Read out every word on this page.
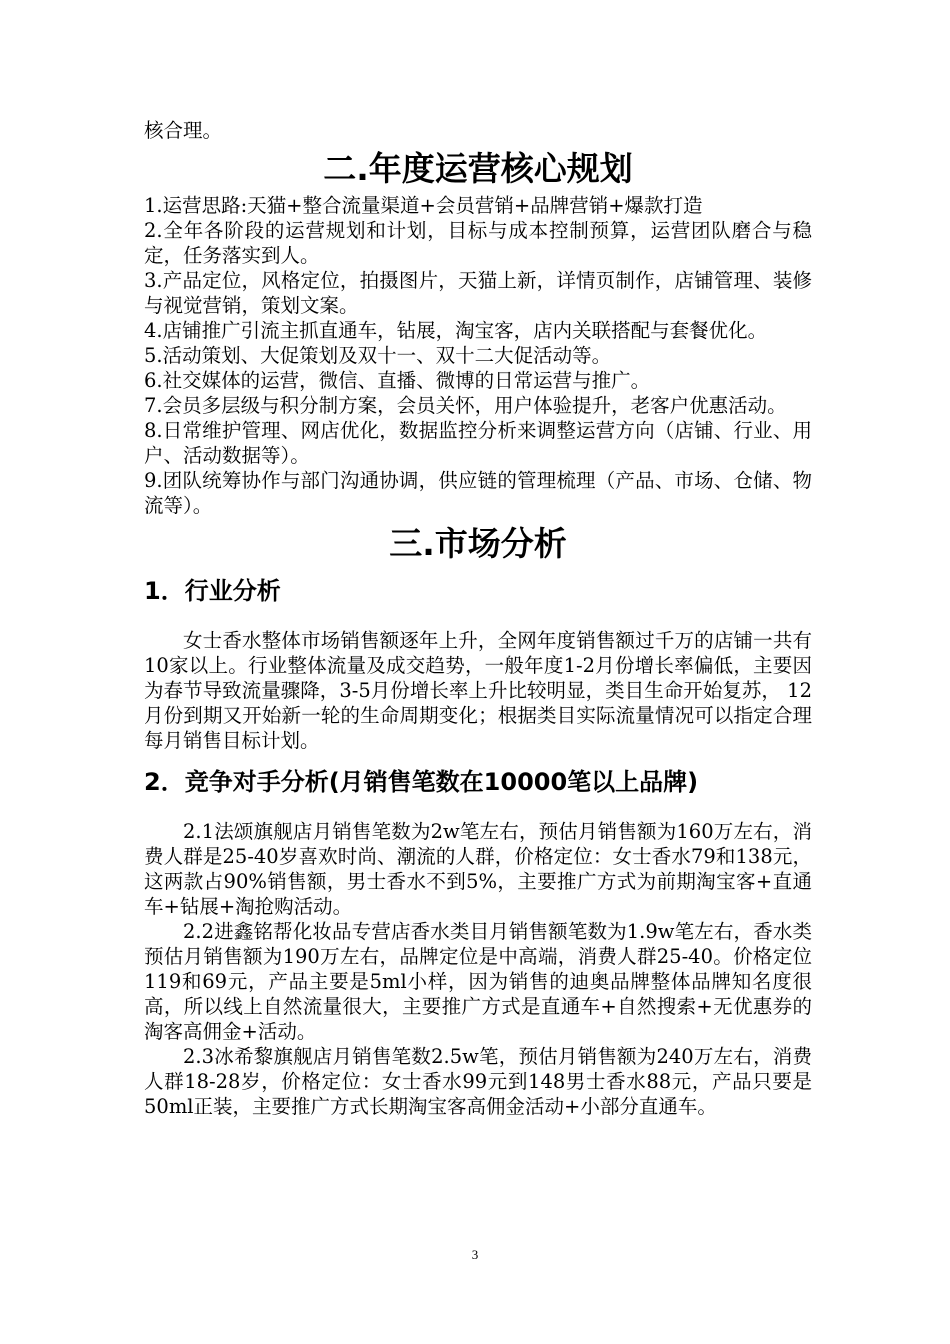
核合理。

二.年度运营核心规划

1.运营思路:天猫+整合流量渠道+会员营销+品牌营销+爆款打造

2.全年各阶段的运营规划和计划，目标与成本控制预算，运营团队磨合与稳定，任务落实到人。

3.产品定位，风格定位，拍摄图片，天猫上新，详情页制作，店铺管理、装修与视觉营销，策划文案。

4.店铺推广引流主抓直通车，钻展，淘宝客，店内关联搭配与套餐优化。

5.活动策划、大促策划及双十一、双十二大促活动等。

6.社交媒体的运营，微信、直播、微博的日常运营与推广。

7.会员多层级与积分制方案，会员关怀，用户体验提升，老客户优惠活动。

8.日常维护管理、网店优化，数据监控分析来调整运营方向（店铺、行业、用户、活动数据等）。

9.团队统筹协作与部门沟通协调，供应链的管理梳理（产品、市场、仓储、物流等）。

三.市场分析
1．行业分析

女士香水整体市场销售额逐年上升，全网年度销售额过千万的店铺一共有10家以上。行业整体流量及成交趋势，一般年度1-2月份增长率偏低，主要因为春节导致流量骤降，3-5月份增长率上升比较明显，类目生命开始复苏， 12月份到期又开始新一轮的生命周期变化；根据类目实际流量情况可以指定合理每月销售目标计划。

2．竞争对手分析(月销售笔数在10000笔以上品牌)

2.1法颂旗舰店月销售笔数为2w笔左右，预估月销售额为160万左右，消费人群是25-40岁喜欢时尚、潮流的人群，价格定位：女士香水79和138元，这两款占90%销售额，男士香水不到5%，主要推广方式为前期淘宝客+直通车+钻展+淘抢购活动。

2.2进鑫铭帮化妆品专营店香水类目月销售额笔数为1.9w笔左右，香水类预估月销售额为190万左右，品牌定位是中高端，消费人群25-40。价格定位119和69元，产品主要是5ml小样，因为销售的迪奥品牌整体品牌知名度很高，所以线上自然流量很大，主要推广方式是直通车+自然搜索+无优惠券的淘客高佣金+活动。

2.3冰希黎旗舰店月销售笔数2.5w笔，预估月销售额为240万左右，消费人群18-28岁，价格定位：女士香水99元到148男士香水88元，产品只要是50ml正装，主要推广方式长期淘宝客高佣金活动+小部分直通车。

3
